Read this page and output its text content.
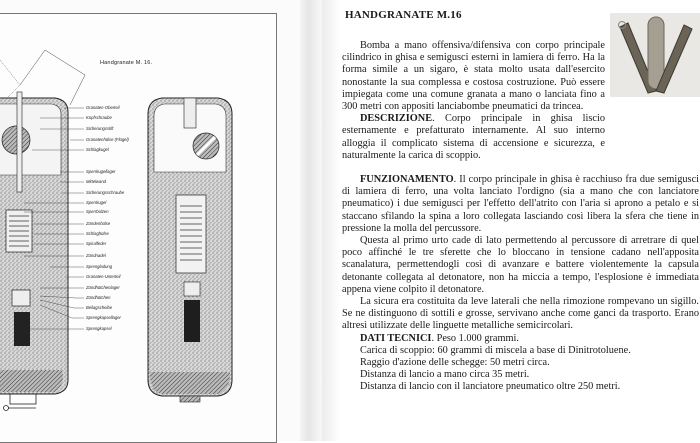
Handgranate M. 16.
Granaten-Oberteil
Kopfschraube
Sicherungsstift
Granatenhülse (Flügel)
Schlagkugel
Sperrkugellager
Mittelwand
Sicherungsschraube
Sperrkugel
Sperrbolzen
Zündenhülse
Schlaghülse
Spiralfeder
Zündnadel
Sprengladung
Granaten-Unterteil
Zündhütchenlager
Zündhütchen
Beilagscheibe
Sprengkapsellager
Sprengkapsel
HANDGRANATE M.16

Bomba a mano offensiva/difensiva con corpo principale cilindrico in ghisa e semigusci esterni in lamiera di ferro. Ha la forma simile a un sigaro, è stata molto usata dall'esercito nonostante la sua complessa e costosa costruzione. Può essere impiegata come una comune granata a mano o lanciata fino a 300 metri con appositi lanciabombe pneumatici da trincea.

DESCRIZIONE. Corpo principale in ghisa liscio esternamente e prefatturato internamente. Al suo interno alloggia il complicato sistema di accensione e sicurezza, e naturalmente la carica di scoppio.

FUNZIONAMENTO. Il corpo principale in ghisa è racchiuso fra due semigusci di lamiera di ferro, una volta lanciato l'ordigno (sia a mano che con lanciatore pneumatico) i due semigusci per l'effetto dell'atrito con l'aria si aprono a petalo e si staccano sfilando la spina a loro collegata lasciando così libera la sfera che tiene in pressione la molla del percussore.

Questa al primo urto cade di lato permettendo al percussore di arretrare di quel poco affinché le tre sferette che lo bloccano in tensione cadano nell'apposita scanalatura, permettendogli così di avanzare e battere violentemente la capsula detonante collegata al detonatore, non ha miccia a tempo, l'esplosione è immediata appena viene colpito il detonatore.

La sicura era costituita da leve laterali che nella rimozione rompevano un sigillo. Se ne distinguono di sottili e grosse, servivano anche come ganci da trasporto. Erano altresì utilizzate delle linguette metalliche semicircolari.

DATI TECNICI. Peso 1.000 grammi.

Carica di scoppio: 60 grammi di miscela a base di Dinitrotoluene.

Raggio d'azione delle schegge: 50 metri circa.

Distanza di lancio a mano circa 35 metri.

Distanza di lancio con il lanciatore pneumatico oltre 250 metri.
